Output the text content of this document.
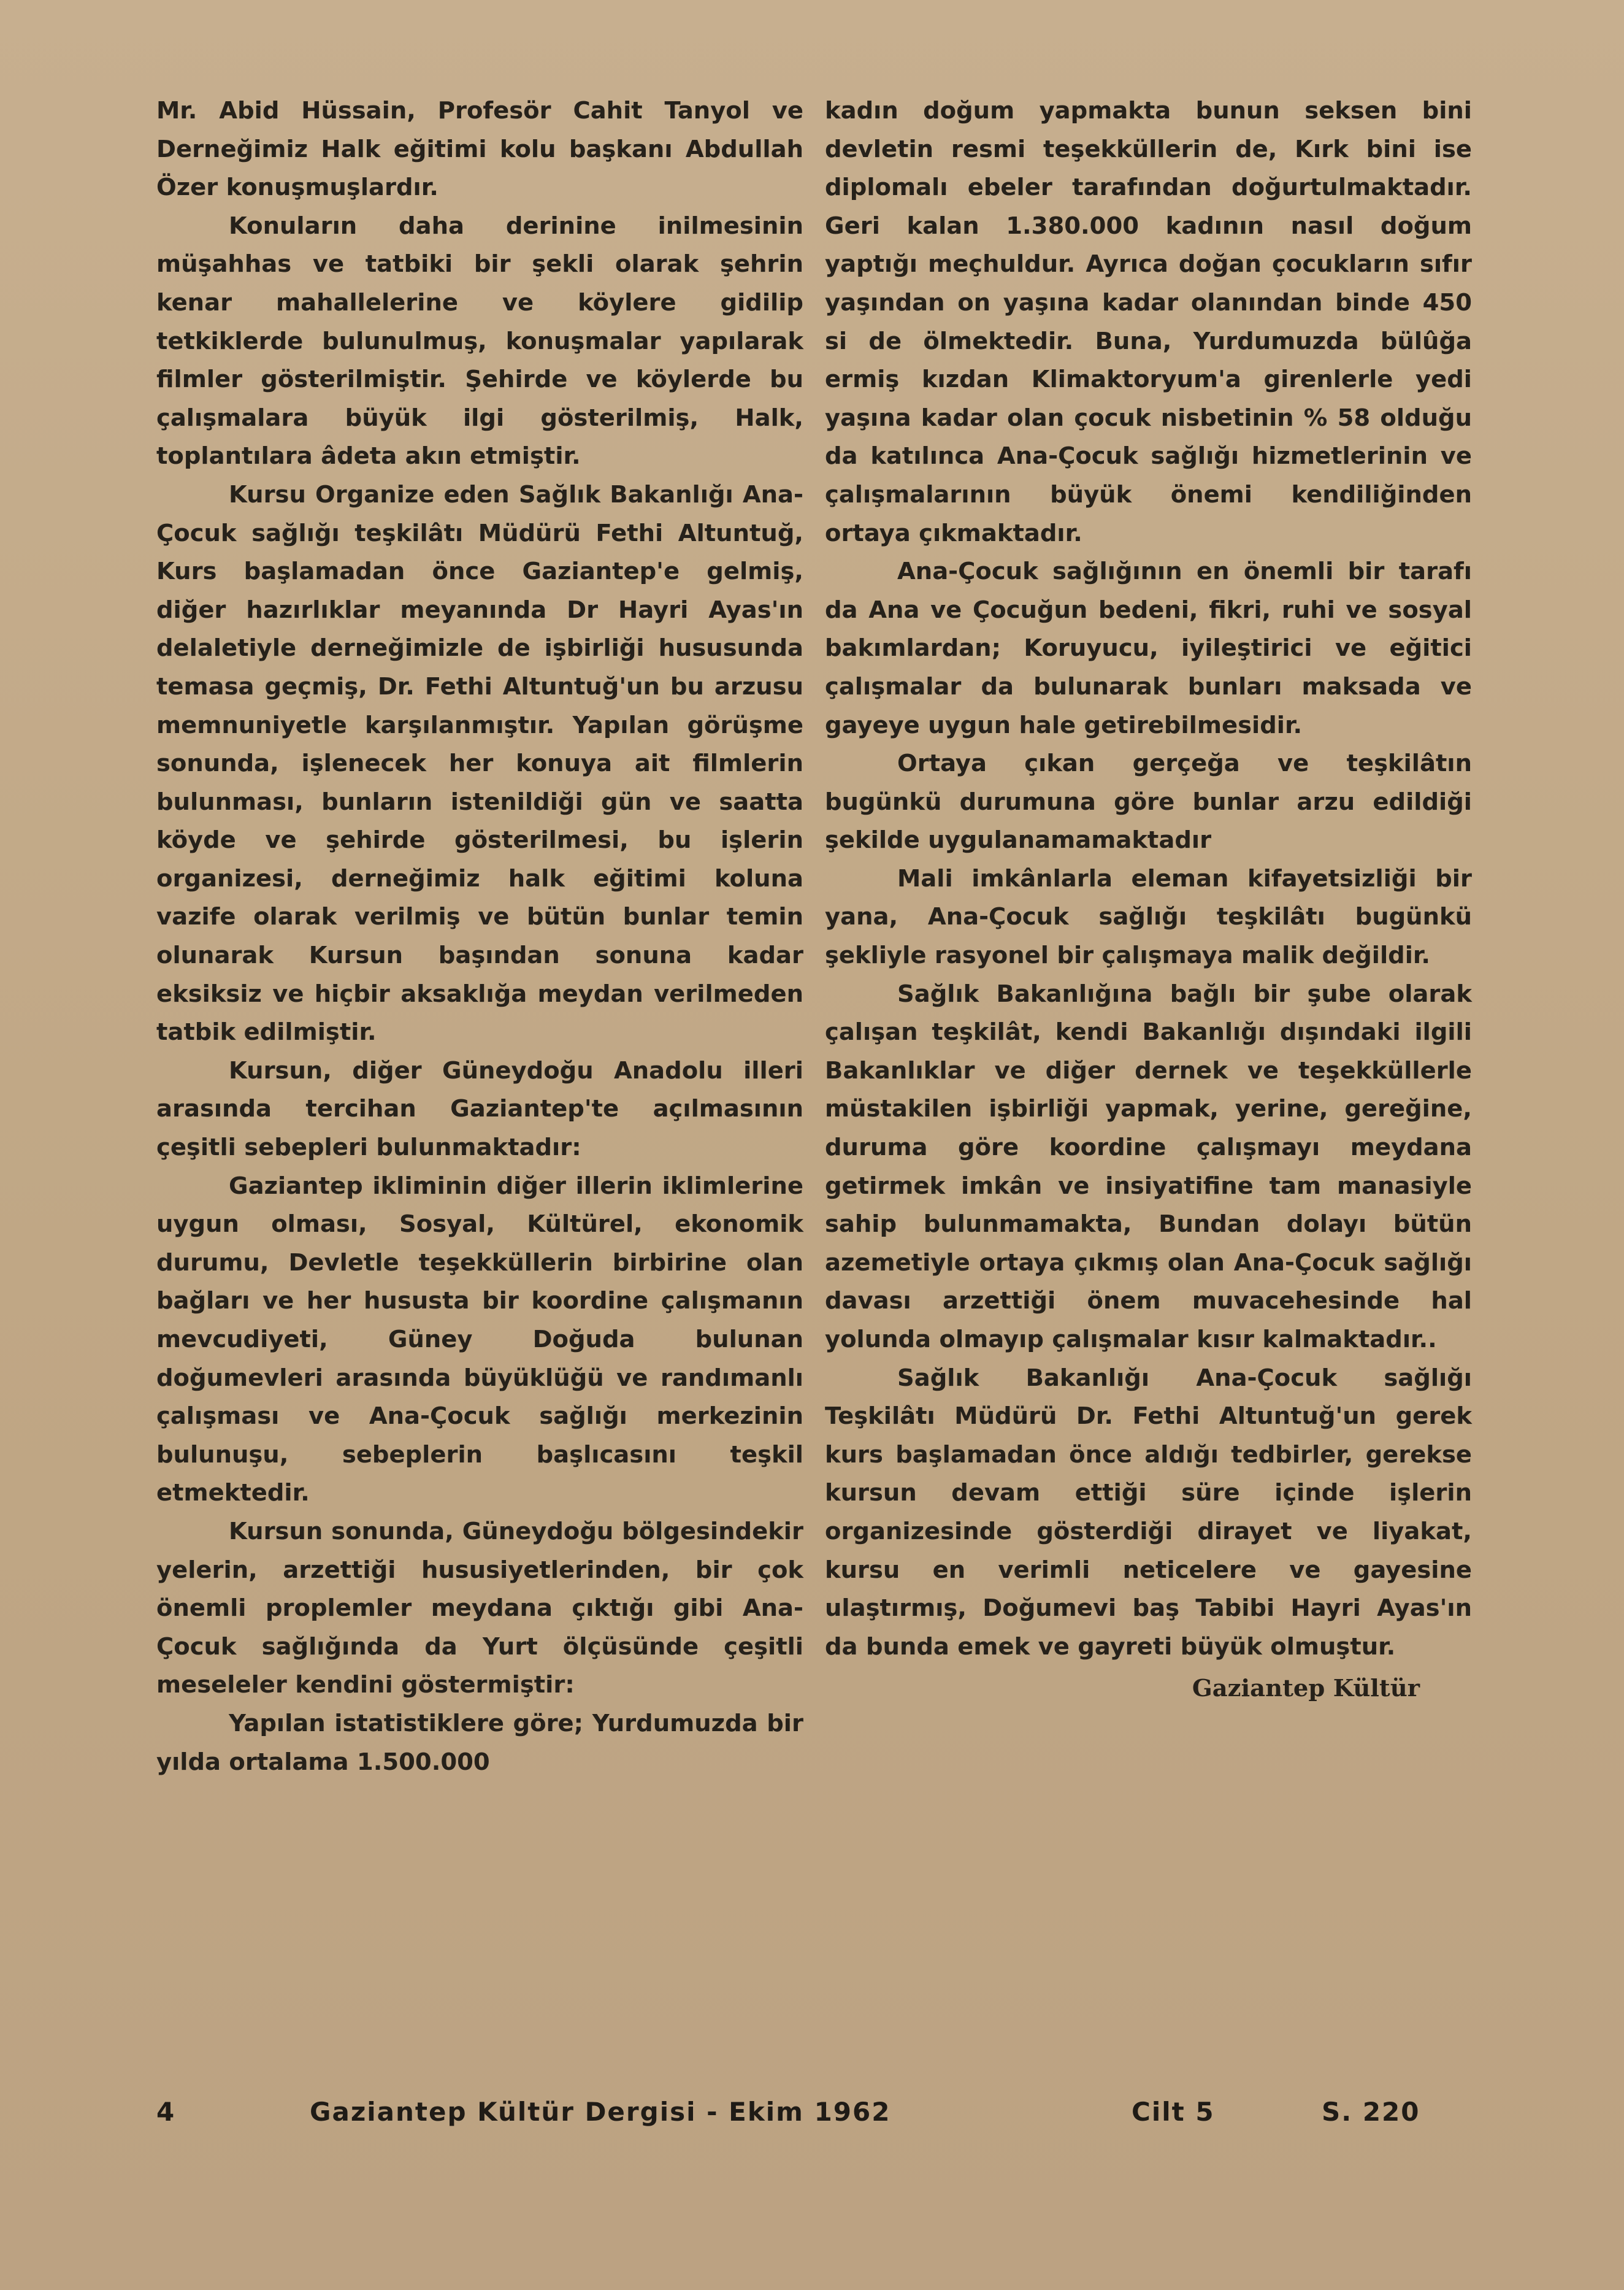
Mr. Abid Hüssain, Profesör Cahit Tanyol ve Derneğimiz Halk eğitimi kolu başkanı Abdullah Özer konuşmuşlardır.

Konuların daha derinine inilmesinin müşahhas ve tatbiki bir şekli olarak şehrin kenar mahallelerine ve köylere gidilip tetkiklerde bulunulmuş, konuşmalar yapılarak filmler gösterilmiştir. Şehirde ve köylerde bu çalışmalara büyük ilgi gösterilmiş, Halk, toplantılara âdeta akın etmiştir.

Kursu Organize eden Sağlık Bakanlığı Ana-Çocuk sağlığı teşkilâtı Müdürü Fethi Altuntuğ, Kurs başlamadan önce Gaziantep'e gelmiş, diğer hazırlıklar meyanında Dr Hayri Ayas'ın delaletiyle derneğimizle de işbirliği hususunda temasa geçmiş, Dr. Fethi Altuntuğ'un bu arzusu memnuniyetle karşılanmıştır. Yapılan görüşme sonunda, işlenecek her konuya ait filmlerin bulunması, bunların istenildiği gün ve saatta köyde ve şehirde gösterilmesi, bu işlerin organizesi, derneğimiz halk eğitimi koluna vazife olarak verilmiş ve bütün bunlar temin olunarak Kursun başından sonuna kadar eksiksiz ve hiçbir aksaklığa meydan verilmeden tatbik edilmiştir.

Kursun, diğer Güneydoğu Anadolu illeri arasında tercihan Gaziantep'te açılmasının çeşitli sebepleri bulunmaktadır:

Gaziantep ikliminin diğer illerin iklimlerine uygun olması, Sosyal, Kültürel, ekonomik durumu, Devletle teşekküllerin birbirine olan bağları ve her hususta bir koordine çalışmanın mevcudiyeti, Güney Doğuda bulunan doğumevleri arasında büyüklüğü ve randımanlı çalışması ve Ana-Çocuk sağlığı merkezinin bulunuşu, sebeplerin başlıcasını teşkil etmektedir.

Kursun sonunda, Güneydoğu bölgesindekir yelerin, arzettiği hususiyetlerinden, bir çok önemli proplemler meydana çıktığı gibi Ana-Çocuk sağlığında da Yurt ölçüsünde çeşitli meseleler kendini göstermiştir:

Yapılan istatistiklere göre; Yurdumuzda bir yılda ortalama 1.500.000

kadın doğum yapmakta bunun seksen bini devletin resmi teşekküllerin de, Kırk bini ise diplomalı ebeler tarafından doğurtulmaktadır. Geri kalan 1.380.000 kadının nasıl doğum yaptığı meçhuldur. Ayrıca doğan çocukların sıfır yaşından on yaşına kadar olanından binde 450 si de ölmektedir. Buna, Yurdumuzda bülûğa ermiş kızdan Klimaktoryum'a girenlerle yedi yaşına kadar olan çocuk nisbetinin % 58 olduğu da katılınca Ana-Çocuk sağlığı hizmetlerinin ve çalışmalarının büyük önemi kendiliğinden ortaya çıkmaktadır.

Ana-Çocuk sağlığının en önemli bir tarafı da Ana ve Çocuğun bedeni, fikri, ruhi ve sosyal bakımlardan; Koruyucu, iyileştirici ve eğitici çalışmalar da bulunarak bunları maksada ve gayeye uygun hale getirebilmesidir.

Ortaya çıkan gerçeğa ve teşkilâtın bugünkü durumuna göre bunlar arzu edildiği şekilde uygulanamamaktadır

Mali imkânlarla eleman kifayetsizliği bir yana, Ana-Çocuk sağlığı teşkilâtı bugünkü şekliyle rasyonel bir çalışmaya malik değildir.

Sağlık Bakanlığına bağlı bir şube olarak çalışan teşkilât, kendi Bakanlığı dışındaki ilgili Bakanlıklar ve diğer dernek ve teşekküllerle müstakilen işbirliği yapmak, yerine, gereğine, duruma göre koordine çalışmayı meydana getirmek imkân ve insiyatifine tam manasiyle sahip bulunmamakta, Bundan dolayı bütün azemetiyle ortaya çıkmış olan Ana-Çocuk sağlığı davası arzettiği önem muvacehesinde hal yolunda olmayıp çalışmalar kısır kalmaktadır..

Sağlık Bakanlığı Ana-Çocuk sağlığı Teşkilâtı Müdürü Dr. Fethi Altuntuğ'un gerek kurs başlamadan önce aldığı tedbirler, gerekse kursun devam ettiği süre içinde işlerin organizesinde gösterdiği dirayet ve liyakat, kursu en verimli neticelere ve gayesine ulaştırmış, Doğumevi baş Tabibi Hayri Ayas'ın da bunda emek ve gayreti büyük olmuştur.

Gaziantep Kültür

4	Gaziantep Kültür Dergisi - Ekim 1962	Cilt 5	S. 220
